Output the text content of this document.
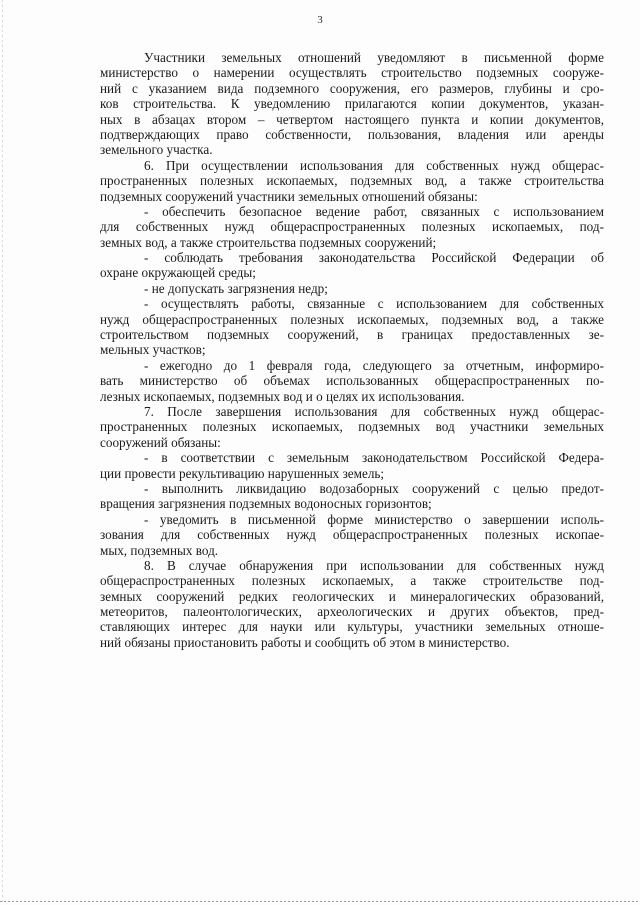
3
Участники земельных отношений уведомляют в письменной форме
министерство о намерении осуществлять строительство подземных сооруже-
ний с указанием вида подземного сооружения, его размеров, глубины и сро-
ков строительства. К уведомлению прилагаются копии документов, указан-
ных в абзацах втором – четвертом настоящего пункта и копии документов,
подтверждающих право собственности, пользования, владения или аренды
земельного участка.
6. При осуществлении использования для собственных нужд общерас-
пространенных полезных ископаемых, подземных вод, а также строительства
подземных сооружений участники земельных отношений обязаны:
- обеспечить безопасное ведение работ, связанных с использованием
для собственных нужд общераспространенных полезных ископаемых, под-
земных вод, а также строительства подземных сооружений;
- соблюдать требования законодательства Российской Федерации об
охране окружающей среды;
- не допускать загрязнения недр;
- осуществлять работы, связанные с использованием для собственных
нужд общераспространенных полезных ископаемых, подземных вод, а также
строительством подземных сооружений, в границах предоставленных зе-
мельных участков;
- ежегодно до 1 февраля года, следующего за отчетным, информиро-
вать министерство об объемах использованных общераспространенных по-
лезных ископаемых, подземных вод и о целях их использования.
7. После завершения использования для собственных нужд общерас-
пространенных полезных ископаемых, подземных вод участники земельных
сооружений обязаны:
- в соответствии с земельным законодательством Российской Федера-
ции провести рекультивацию нарушенных земель;
- выполнить ликвидацию водозаборных сооружений с целью предот-
вращения загрязнения подземных водоносных горизонтов;
- уведомить в письменной форме министерство о завершении исполь-
зования для собственных нужд общераспространенных полезных ископае-
мых, подземных вод.
8. В случае обнаружения при использовании для собственных нужд
общераспространенных полезных ископаемых, а также строительстве под-
земных сооружений редких геологических и минералогических образований,
метеоритов, палеонтологических, археологических и других объектов, пред-
ставляющих интерес для науки или культуры, участники земельных отноше-
ний обязаны приостановить работы и сообщить об этом в министерство.
